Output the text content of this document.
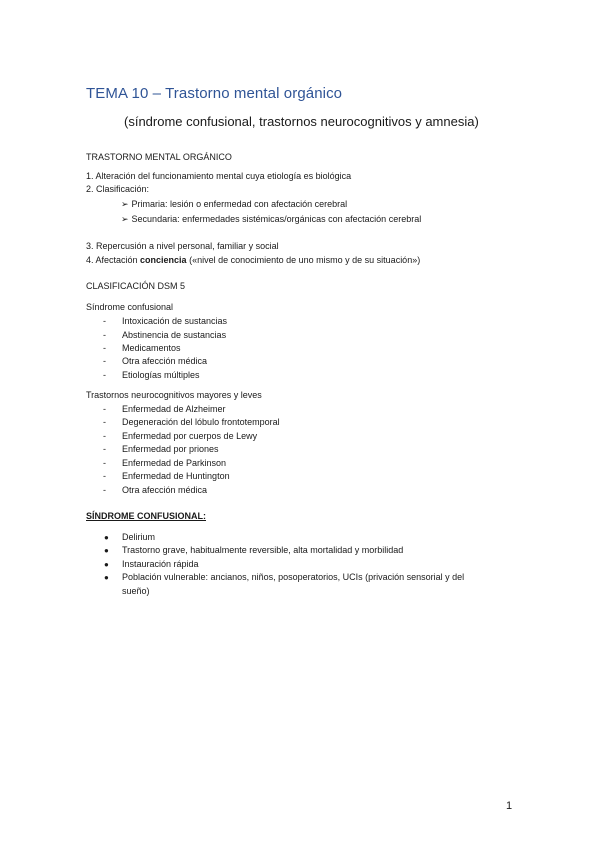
TEMA 10 – Trastorno mental orgánico
(síndrome confusional, trastornos neurocognitivos y amnesia)
TRASTORNO MENTAL ORGÁNICO
1. Alteración del funcionamiento mental cuya etiología es biológica
2. Clasificación:
➢ Primaria: lesión o enfermedad con afectación cerebral
➢ Secundaria: enfermedades sistémicas/orgánicas con afectación cerebral
3. Repercusión a nivel personal, familiar y social
4. Afectación conciencia («nivel de conocimiento de uno mismo y de su situación»)
CLASIFICACIÓN DSM 5
Síndrome confusional
- Intoxicación de sustancias
- Abstinencia de sustancias
- Medicamentos
- Otra afección médica
- Etiologías múltiples
Trastornos neurocognitivos mayores y leves
- Enfermedad de Alzheimer
- Degeneración del lóbulo frontotemporal
- Enfermedad por cuerpos de Lewy
- Enfermedad por priones
- Enfermedad de Parkinson
- Enfermedad de Huntington
- Otra afección médica
SÍNDROME CONFUSIONAL:
● Delirium
● Trastorno grave, habitualmente reversible, alta mortalidad y morbilidad
● Instauración rápida
● Población vulnerable: ancianos, niños, posoperatorios, UCIs (privación sensorial y del
sueño)
1
